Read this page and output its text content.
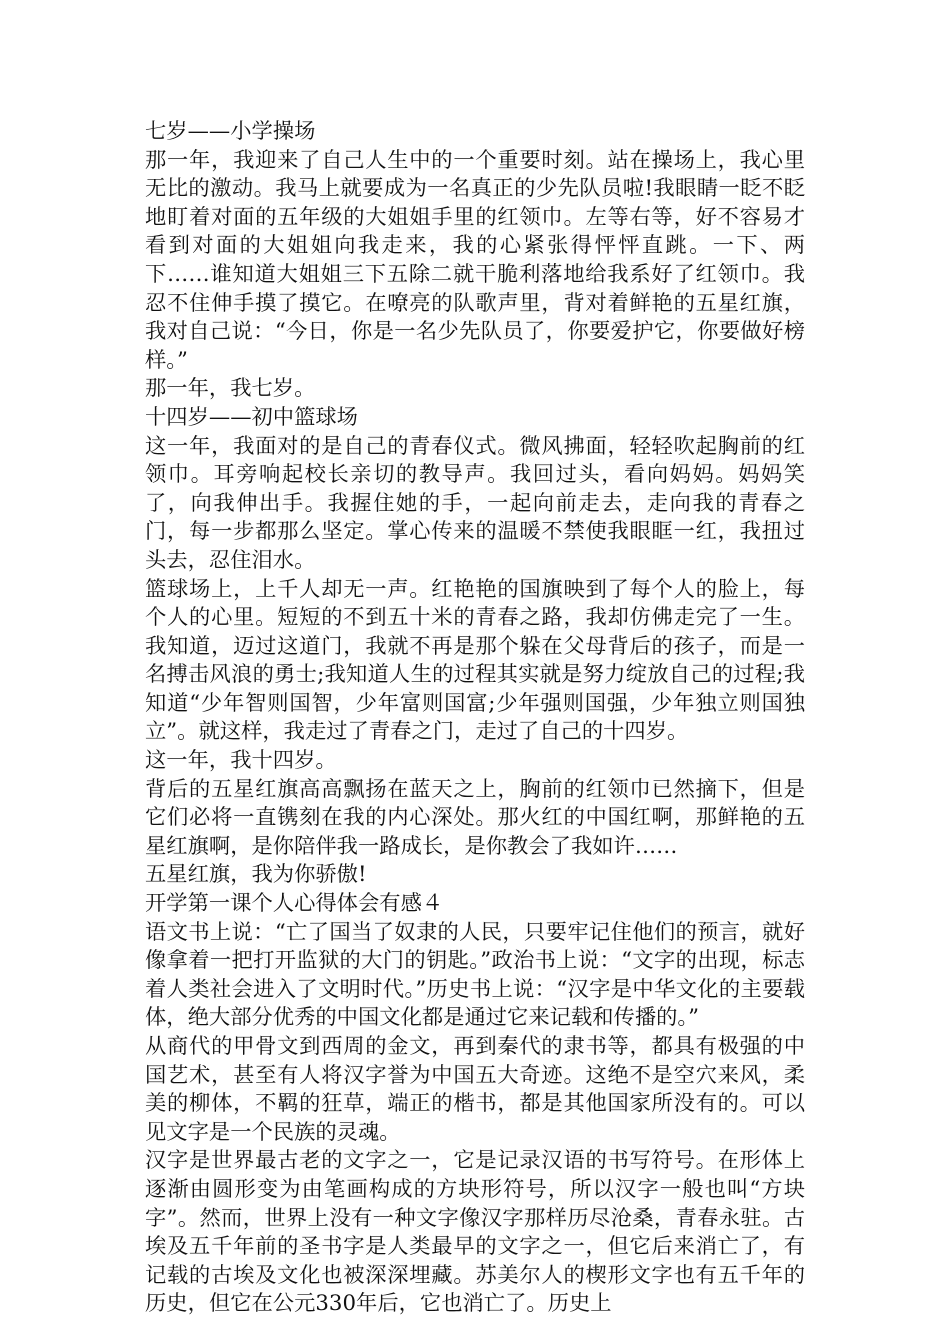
七岁——小学操场

那一年，我迎来了自己人生中的一个重要时刻。站在操场上，我心里无比的激动。我马上就要成为一名真正的少先队员啦!我眼睛一眨不眨地盯着对面的五年级的大姐姐手里的红领巾。左等右等，好不容易才看到对面的大姐姐向我走来，我的心紧张得怦怦直跳。一下、两下……谁知道大姐姐三下五除二就干脆利落地给我系好了红领巾。我忍不住伸手摸了摸它。在嘹亮的队歌声里，背对着鲜艳的五星红旗，我对自己说：“今日，你是一名少先队员了，你要爱护它，你要做好榜样。”

那一年，我七岁。

十四岁——初中篮球场

这一年，我面对的是自己的青春仪式。微风拂面，轻轻吹起胸前的红领巾。耳旁响起校长亲切的教导声。我回过头，看向妈妈。妈妈笑了，向我伸出手。我握住她的手，一起向前走去，走向我的青春之门，每一步都那么坚定。掌心传来的温暖不禁使我眼眶一红，我扭过头去，忍住泪水。

篮球场上，上千人却无一声。红艳艳的国旗映到了每个人的脸上，每个人的心里。短短的不到五十米的青春之路，我却仿佛走完了一生。我知道，迈过这道门，我就不再是那个躲在父母背后的孩子，而是一名搏击风浪的勇士;我知道人生的过程其实就是努力绽放自己的过程;我知道“少年智则国智，少年富则国富;少年强则国强，少年独立则国独立”。就这样，我走过了青春之门，走过了自己的十四岁。

这一年，我十四岁。

背后的五星红旗高高飘扬在蓝天之上，胸前的红领巾已然摘下，但是它们必将一直镌刻在我的内心深处。那火红的中国红啊，那鲜艳的五星红旗啊，是你陪伴我一路成长，是你教会了我如许……

五星红旗，我为你骄傲!

开学第一课个人心得体会有感４

语文书上说：“亡了国当了奴隶的人民，只要牢记住他们的预言，就好像拿着一把打开监狱的大门的钥匙。”政治书上说：“文字的出现，标志着人类社会进入了文明时代。”历史书上说：“汉字是中华文化的主要载体，绝大部分优秀的中国文化都是通过它来记载和传播的。”

从商代的甲骨文到西周的金文，再到秦代的隶书等，都具有极强的中国艺术，甚至有人将汉字誉为中国五大奇迹。这绝不是空穴来风，柔美的柳体，不羁的狂草，端正的楷书，都是其他国家所没有的。可以见文字是一个民族的灵魂。

汉字是世界最古老的文字之一，它是记录汉语的书写符号。在形体上逐渐由圆形变为由笔画构成的方块形符号，所以汉字一般也叫“方块字”。然而，世界上没有一种文字像汉字那样历尽沧桑，青春永驻。古埃及五千年前的圣书字是人类最早的文字之一，但它后来消亡了，有记载的古埃及文化也被深深埋藏。苏美尔人的楔形文字也有五千年的历史，但它在公元330年后，它也消亡了。历史上
